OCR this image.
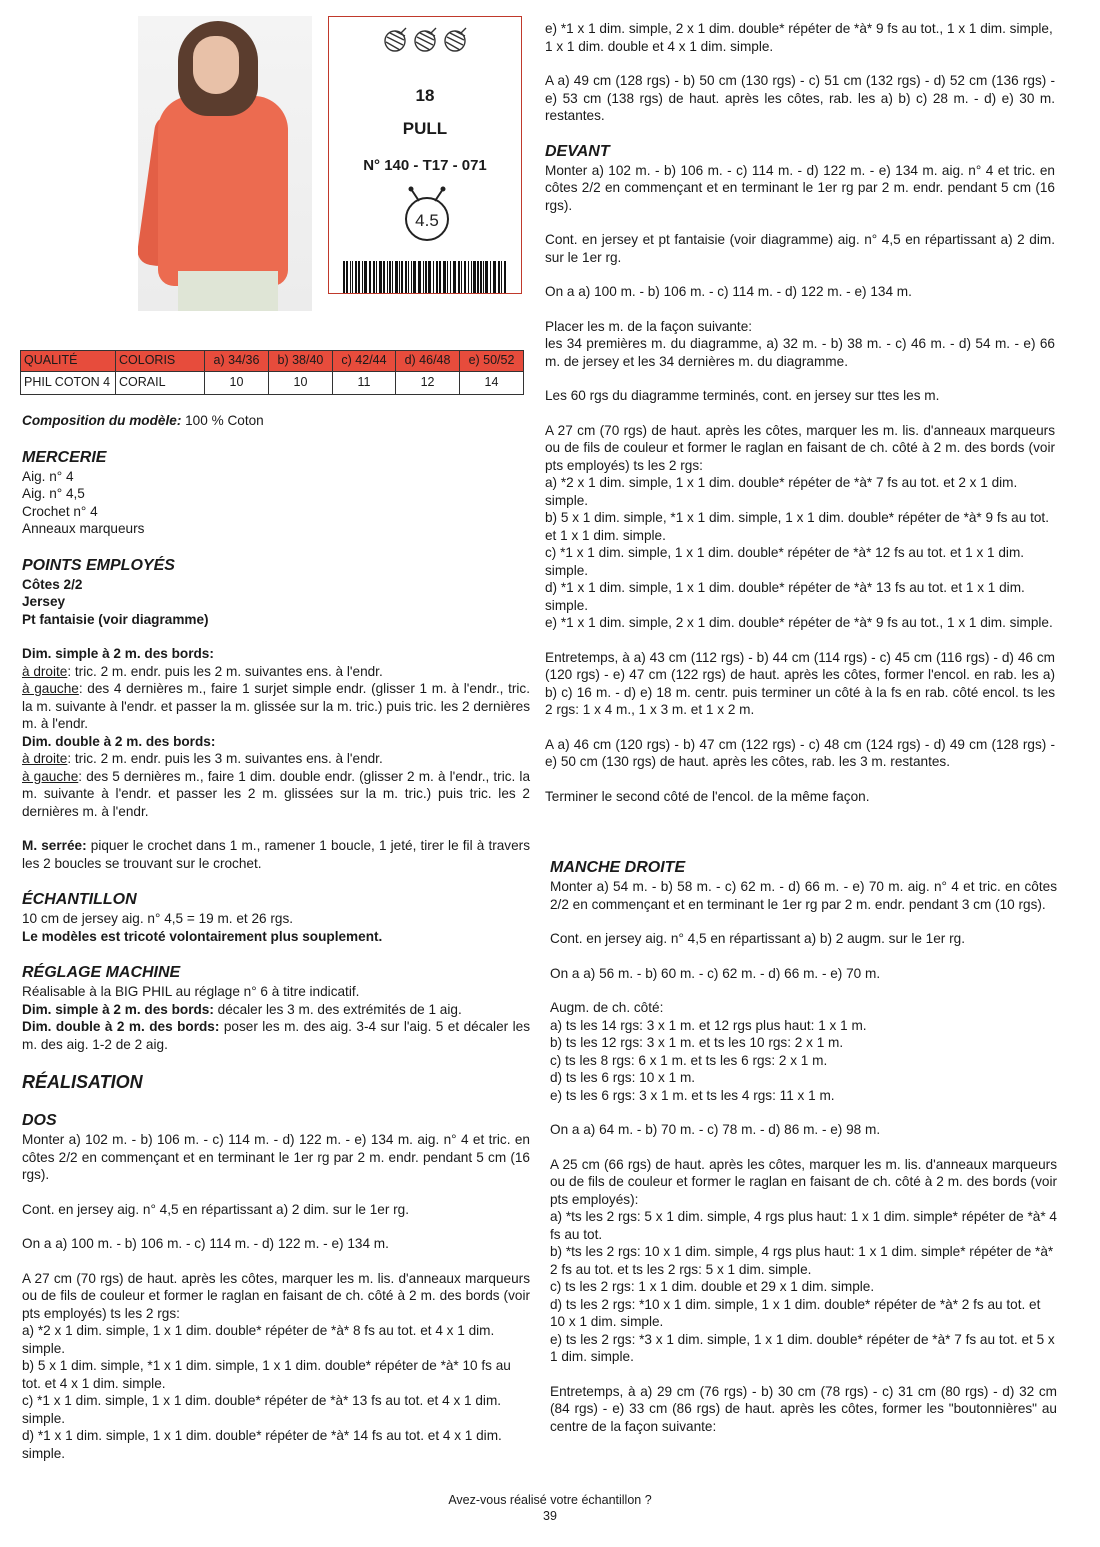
18
PULL
N° 140 - T17 - 071
4.5
QUALITÉ	COLORIS	a) 34/36	b) 38/40	c) 42/44	d) 46/48	e) 50/52
PHIL COTON 4	CORAIL	10	10	11	12	14

Composition du modèle: 100 % Coton

MERCERIE

Aig. n° 4

Aig. n° 4,5

Crochet n° 4

Anneaux marqueurs

POINTS EMPLOYÉS

Côtes 2/2

Jersey

Pt fantaisie (voir diagramme)

Dim. simple à 2 m. des bords:

à droite: tric. 2 m. endr. puis les 2 m. suivantes ens. à l'endr.

à gauche: des 4 dernières m., faire 1 surjet simple endr. (glisser 1 m. à l'endr., tric. la m. suivante à l'endr. et passer la m. glissée sur la m. tric.) puis tric. les 2 dernières m. à l'endr.

Dim. double à 2 m. des bords:

à droite: tric. 2 m. endr. puis les 3 m. suivantes ens. à l'endr.

à gauche: des 5 dernières m., faire 1 dim. double endr. (glisser 2 m. à l'endr., tric. la m. suivante à l'endr. et passer les 2 m. glissées sur la m. tric.) puis tric. les 2 dernières m. à l'endr.

M. serrée: piquer le crochet dans 1 m., ramener 1 boucle, 1 jeté, tirer le fil à travers les 2 boucles se trouvant sur le crochet.

ÉCHANTILLON

10 cm de jersey aig. n° 4,5 = 19 m. et 26 rgs.

Le modèles est tricoté volontairement plus souplement.

RÉGLAGE MACHINE

Réalisable à la BIG PHIL au réglage n° 6 à titre indicatif.

Dim. simple à 2 m. des bords: décaler les 3 m. des extrémités de 1 aig.

Dim. double à 2 m. des bords: poser les m. des aig. 3-4 sur l'aig. 5 et décaler les m. des aig. 1-2 de 2 aig.

RÉALISATION
DOS

Monter a) 102 m. - b) 106 m. - c) 114 m. - d) 122 m. - e) 134 m. aig. n° 4 et tric. en côtes 2/2 en commençant et en terminant le 1er rg par 2 m. endr. pendant 5 cm (16 rgs).

Cont. en jersey aig. n° 4,5 en répartissant a) 2 dim. sur le 1er rg.

On a a) 100 m. - b) 106 m. - c) 114 m. - d) 122 m. - e) 134 m.

A 27 cm (70 rgs) de haut. après les côtes, marquer les m. lis. d'anneaux marqueurs ou de fils de couleur et former le raglan en faisant de ch. côté à 2 m. des bords (voir pts employés) ts les 2 rgs:

a) *2 x 1 dim. simple, 1 x 1 dim. double* répéter de *à* 8 fs au tot. et 4 x 1 dim. simple.

b) 5 x 1 dim. simple, *1 x 1 dim. simple, 1 x 1 dim. double* répéter de *à* 10 fs au tot. et 4 x 1 dim. simple.

c) *1 x 1 dim. simple, 1 x 1 dim. double* répéter de *à* 13 fs au tot. et 4 x 1 dim. simple.

d) *1 x 1 dim. simple, 1 x 1 dim. double* répéter de *à* 14 fs au tot. et 4 x 1 dim. simple.

e) *1 x 1 dim. simple, 2 x 1 dim. double* répéter de *à* 9 fs au tot., 1 x 1 dim. simple, 1 x 1 dim. double et 4 x 1 dim. simple.

A a) 49 cm (128 rgs) - b) 50 cm (130 rgs) - c) 51 cm (132 rgs) - d) 52 cm (136 rgs) - e) 53 cm (138 rgs) de haut. après les côtes, rab. les a) b) c) 28 m. - d) e) 30 m. restantes.

DEVANT

Monter a) 102 m. - b) 106 m. - c) 114 m. - d) 122 m. - e) 134 m. aig. n° 4 et tric. en côtes 2/2 en commençant et en terminant le 1er rg par 2 m. endr. pendant 5 cm (16 rgs).

Cont. en jersey et pt fantaisie (voir diagramme) aig. n° 4,5 en répartissant a) 2 dim. sur le 1er rg.

On a a) 100 m. - b) 106 m. - c) 114 m. - d) 122 m. - e) 134 m.

Placer les m. de la façon suivante:

les 34 premières m. du diagramme, a) 32 m. - b) 38 m. - c) 46 m. - d) 54 m. - e) 66 m. de jersey et les 34 dernières m. du diagramme.

Les 60 rgs du diagramme terminés, cont. en jersey sur ttes les m.

A 27 cm (70 rgs) de haut. après les côtes, marquer les m. lis. d'anneaux marqueurs ou de fils de couleur et former le raglan en faisant de ch. côté à 2 m. des bords (voir pts employés) ts les 2 rgs:

a) *2 x 1 dim. simple, 1 x 1 dim. double* répéter de *à* 7 fs au tot. et 2 x 1 dim. simple.

b) 5 x 1 dim. simple, *1 x 1 dim. simple, 1 x 1 dim. double* répéter de *à* 9 fs au tot. et 1 x 1 dim. simple.

c) *1 x 1 dim. simple, 1 x 1 dim. double* répéter de *à* 12 fs au tot. et 1 x 1 dim. simple.

d) *1 x 1 dim. simple, 1 x 1 dim. double* répéter de *à* 13 fs au tot. et 1 x 1 dim. simple.

e) *1 x 1 dim. simple, 2 x 1 dim. double* répéter de *à* 9 fs au tot., 1 x 1 dim. simple.

Entretemps, à a) 43 cm (112 rgs) - b) 44 cm (114 rgs) - c) 45 cm (116 rgs) - d) 46 cm (120 rgs) - e) 47 cm (122 rgs) de haut. après les côtes, former l'encol. en rab. les a) b) c) 16 m. - d) e) 18 m. centr. puis terminer un côté à la fs en rab. côté encol. ts les 2 rgs: 1 x 4 m., 1 x 3 m. et 1 x 2 m.

A a) 46 cm (120 rgs) - b) 47 cm (122 rgs) - c) 48 cm (124 rgs) - d) 49 cm (128 rgs) - e) 50 cm (130 rgs) de haut. après les côtes, rab. les 3 m. restantes.

Terminer le second côté de l'encol. de la même façon.

MANCHE DROITE

Monter a) 54 m. - b) 58 m. - c) 62 m. - d) 66 m. - e) 70 m. aig. n° 4 et tric. en côtes 2/2 en commençant et en terminant le 1er rg par 2 m. endr. pendant 3 cm (10 rgs).

Cont. en jersey aig. n° 4,5 en répartissant a) b) 2 augm. sur le 1er rg.

On a a) 56 m. - b) 60 m. - c) 62 m. - d) 66 m. - e) 70 m.

Augm. de ch. côté:

a) ts les 14 rgs: 3 x 1 m. et 12 rgs plus haut: 1 x 1 m.

b) ts les 12 rgs: 3 x 1 m. et ts les 10 rgs: 2 x 1 m.

c) ts les 8 rgs: 6 x 1 m. et ts les 6 rgs: 2 x 1 m.

d) ts les 6 rgs: 10 x 1 m.

e) ts les 6 rgs: 3 x 1 m. et ts les 4 rgs: 11 x 1 m.

On a a) 64 m. - b) 70 m. - c) 78 m. - d) 86 m. - e) 98 m.

A 25 cm (66 rgs) de haut. après les côtes, marquer les m. lis. d'anneaux marqueurs ou de fils de couleur et former le raglan en faisant de ch. côté à 2 m. des bords (voir pts employés):

a) *ts les 2 rgs: 5 x 1 dim. simple, 4 rgs plus haut: 1 x 1 dim. simple* répéter de *à* 4 fs au tot.

b) *ts les 2 rgs: 10 x 1 dim. simple, 4 rgs plus haut: 1 x 1 dim. simple* répéter de *à* 2 fs au tot. et ts les 2 rgs: 5 x 1 dim. simple.

c) ts les 2 rgs: 1 x 1 dim. double et 29 x 1 dim. simple.

d) ts les 2 rgs: *10 x 1 dim. simple, 1 x 1 dim. double* répéter de *à* 2 fs au tot. et 10 x 1 dim. simple.

e) ts les 2 rgs: *3 x 1 dim. simple, 1 x 1 dim. double* répéter de *à* 7 fs au tot. et 5 x 1 dim. simple.

Entretemps, à a) 29 cm (76 rgs) - b) 30 cm (78 rgs) - c) 31 cm (80 rgs) - d) 32 cm (84 rgs) - e) 33 cm (86 rgs) de haut. après les côtes, former les "boutonnières" au centre de la façon suivante:

Avez-vous réalisé votre échantillon ?
39
